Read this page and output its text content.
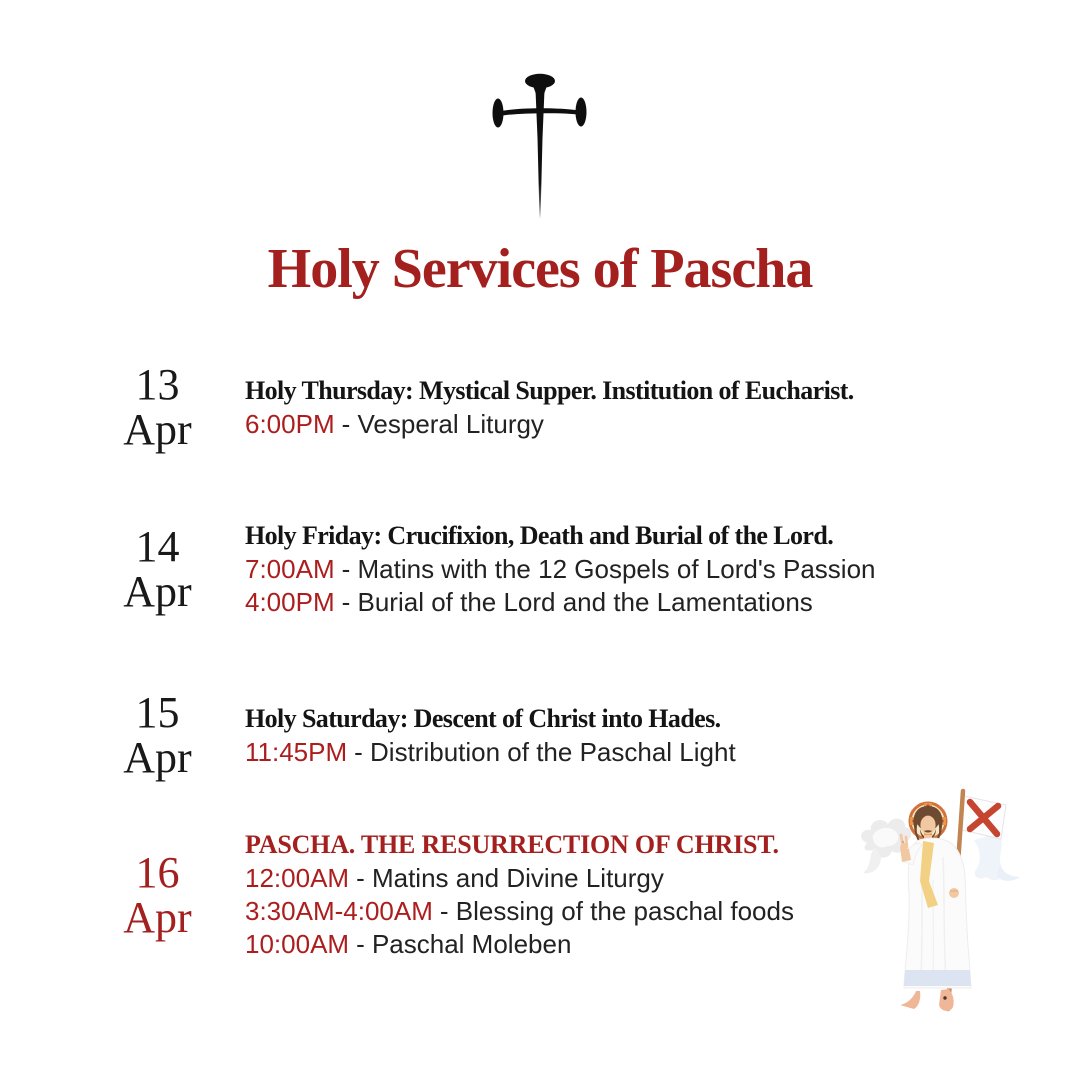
Holy Services of Pascha
13
Apr
Holy Thursday: Mystical Supper. Institution of Eucharist.
6:00PM - Vesperal Liturgy
14
Apr
Holy Friday: Crucifixion, Death and Burial of the Lord.
7:00AM - Matins with the 12 Gospels of Lord's Passion
4:00PM - Burial of the Lord and the Lamentations
15
Apr
Holy Saturday: Descent of Christ into Hades.
11:45PM - Distribution of the Paschal Light
16
Apr
PASCHA. THE RESURRECTION OF CHRIST.
12:00AM - Matins and Divine Liturgy
3:30AM-4:00AM - Blessing of the paschal foods
10:00AM - Paschal Moleben
